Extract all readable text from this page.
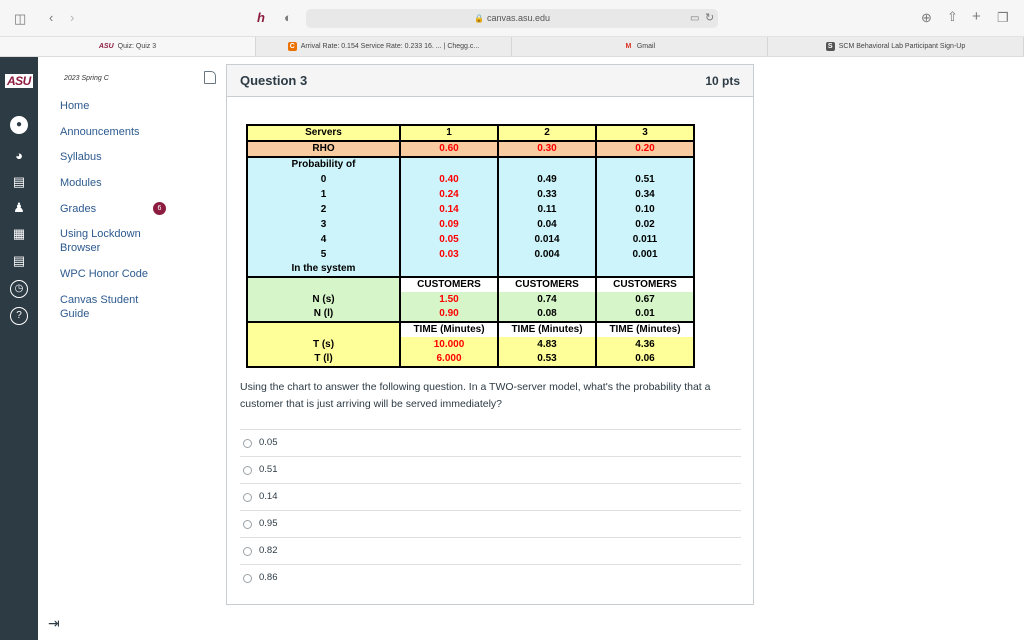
◫ ‹ ›	h ◐	🔒 canvas.asu.edu	▭ ↻	⊕ ⇧ + ❐
ASU Quiz: Quiz 3	C Arrival Rate: 0.154 Service Rate: 0.233 16. ... | Chegg.c...	M Gmail	S SCM Behavioral Lab Participant Sign-Up
ASU
●
◕
▤
♟
▦
▤
◷
?
2023 Spring C
Home
Announcements
Syllabus
Modules
Grades	6
Using Lockdown Browser
WPC Honor Code
Canvas Student Guide
⇥
Question 3	10 pts
Servers	1	2	3
RHO	0.60	0.30	0.20
Probability of			
0	0.40	0.49	0.51
1	0.24	0.33	0.34
2	0.14	0.11	0.10
3	0.09	0.04	0.02
4	0.05	0.014	0.011
5	0.03	0.004	0.001
In the system			
	CUSTOMERS	CUSTOMERS	CUSTOMERS
N (s)	1.50	0.74	0.67
N (l)	0.90	0.08	0.01
	TIME (Minutes)	TIME (Minutes)	TIME (Minutes)
T (s)	10.000	4.83	4.36
T (l)	6.000	0.53	0.06

Using the chart to answer the following question. In a TWO-server model, what's the probability that a customer that is just arriving will be served immediately?

0.05
0.51
0.14
0.95
0.82
0.86
